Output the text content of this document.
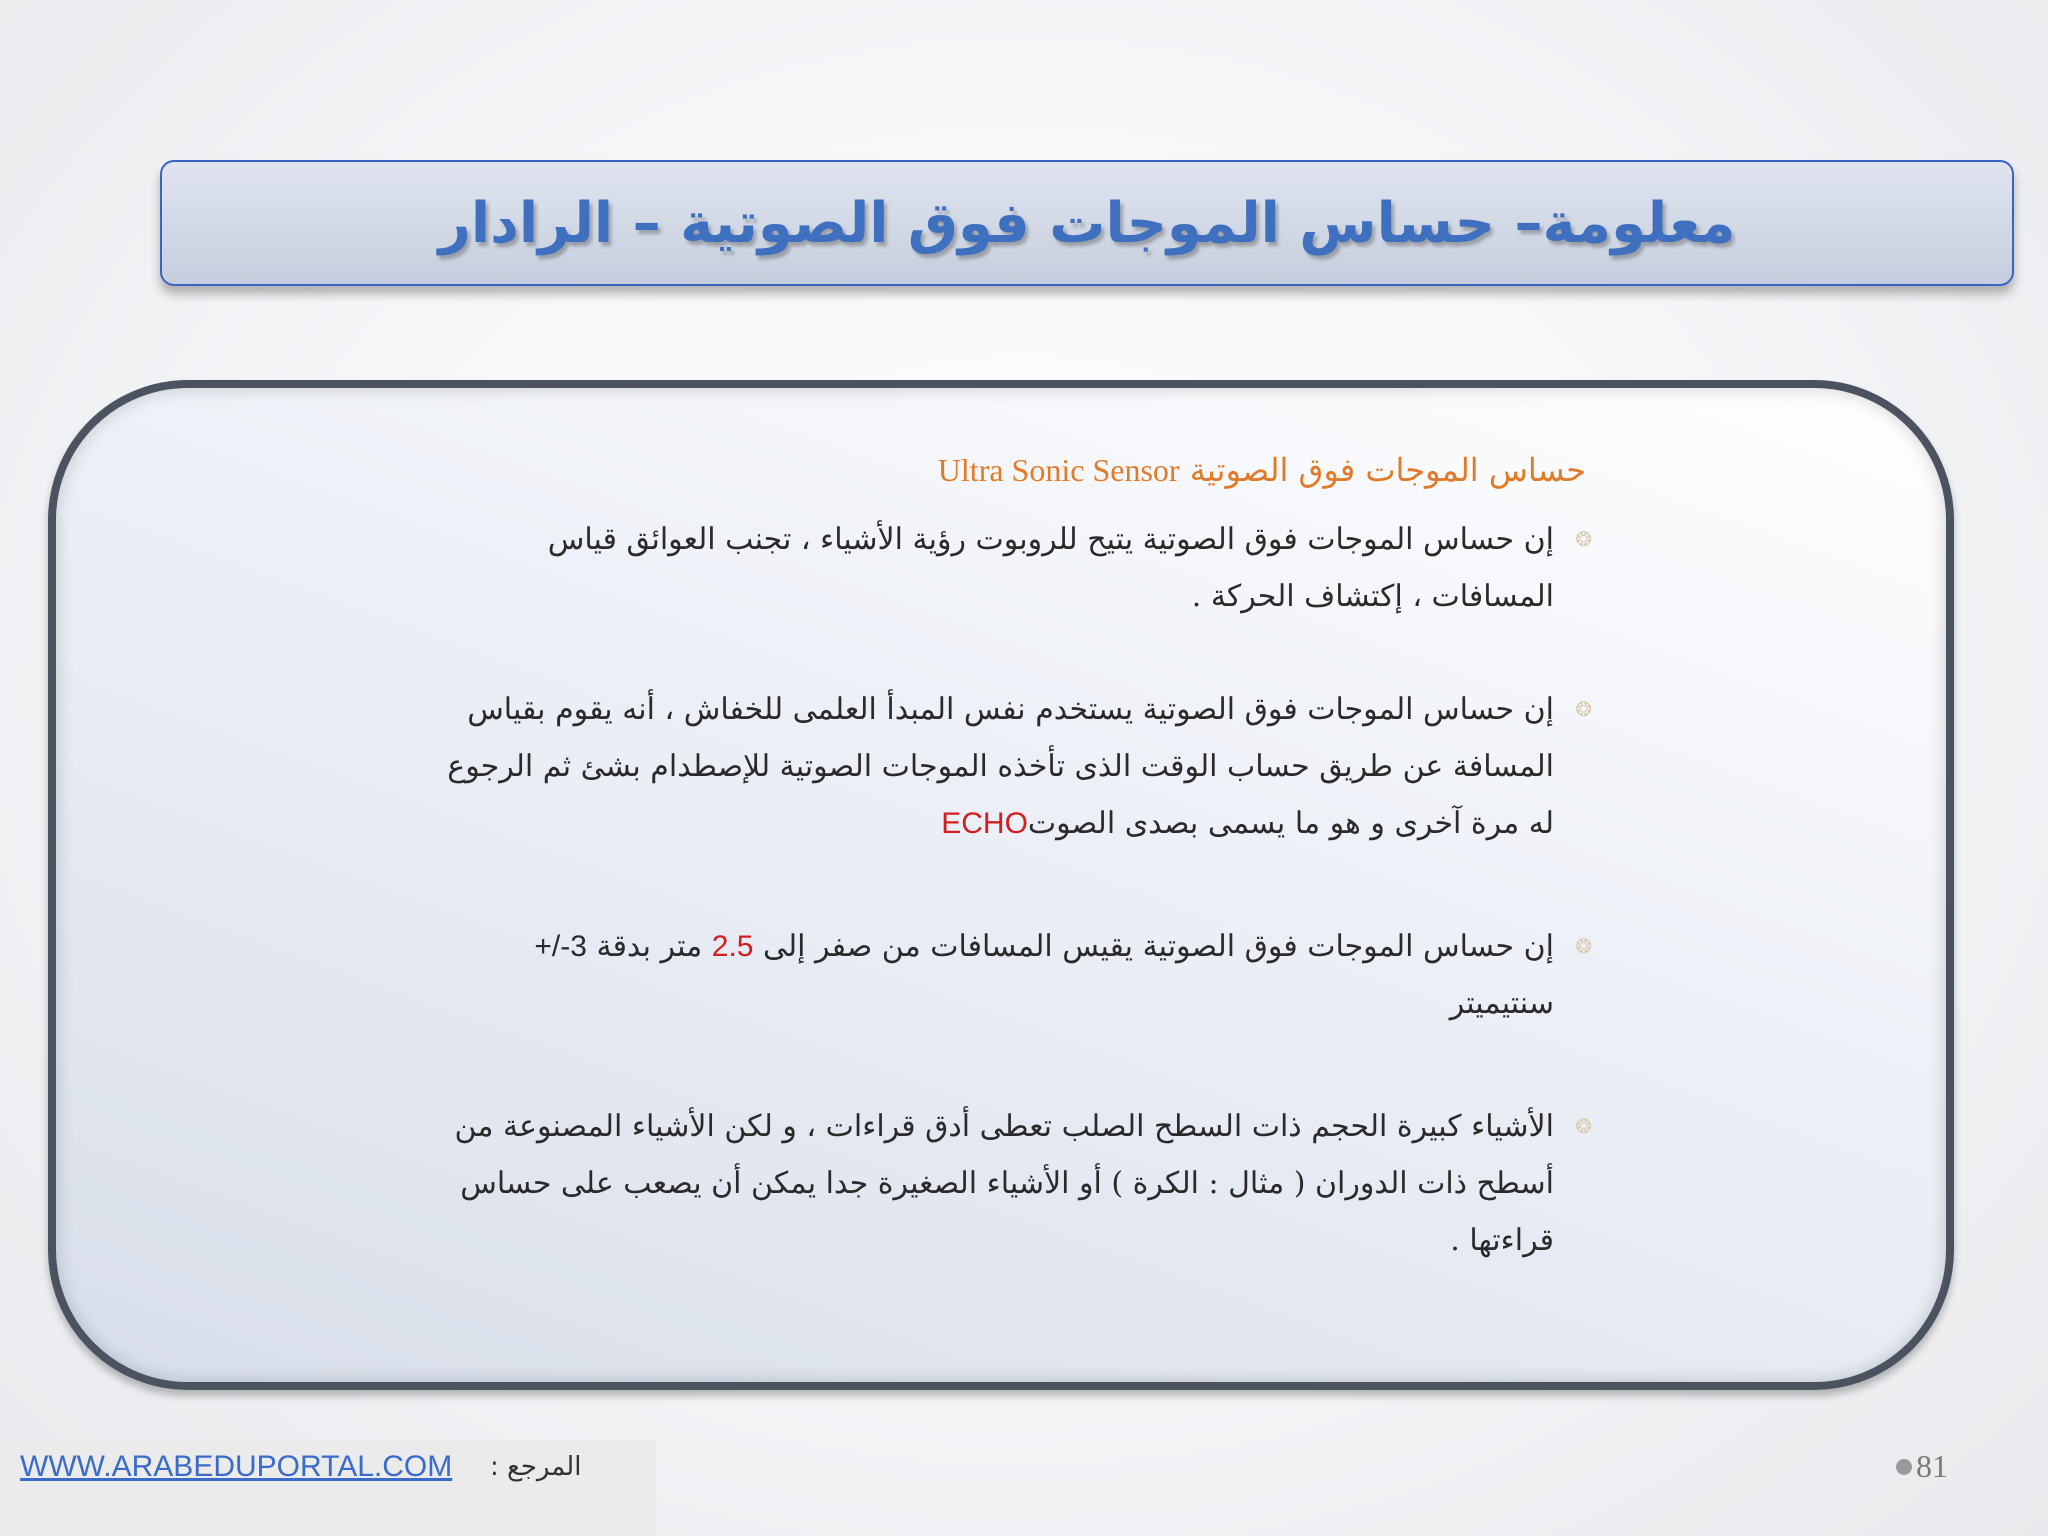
معلومة– حساس الموجات فوق الصوتية – الرادار
حساس الموجات فوق الصوتية Ultra Sonic Sensor
❂
إن حساس الموجات فوق الصوتية يتيح للروبوت رؤية الأشياء ، تجنب العوائق قياس المسافات ، إكتشاف الحركة .
❂
إن حساس الموجات فوق الصوتية يستخدم نفس المبدأ العلمى للخفاش ، أنه يقوم بقياس المسافة عن طريق حساب الوقت الذى تأخذه الموجات الصوتية للإصطدام بشئ ثم الرجوع له مرة آخرى و هو ما يسمى بصدى الصوتECHO
❂
إن حساس الموجات فوق الصوتية يقيس المسافات من صفر إلى 2.5 متر بدقة +/-3 سنتيميتر
❂
الأشياء كبيرة الحجم ذات السطح الصلب تعطى أدق قراءات ، و لكن الأشياء المصنوعة من أسطح ذات الدوران ( مثال : الكرة ) أو الأشياء الصغيرة جدا يمكن أن يصعب على حساس قراءتها .
WWW.ARABEDUPORTAL.COM المرجع :	81
